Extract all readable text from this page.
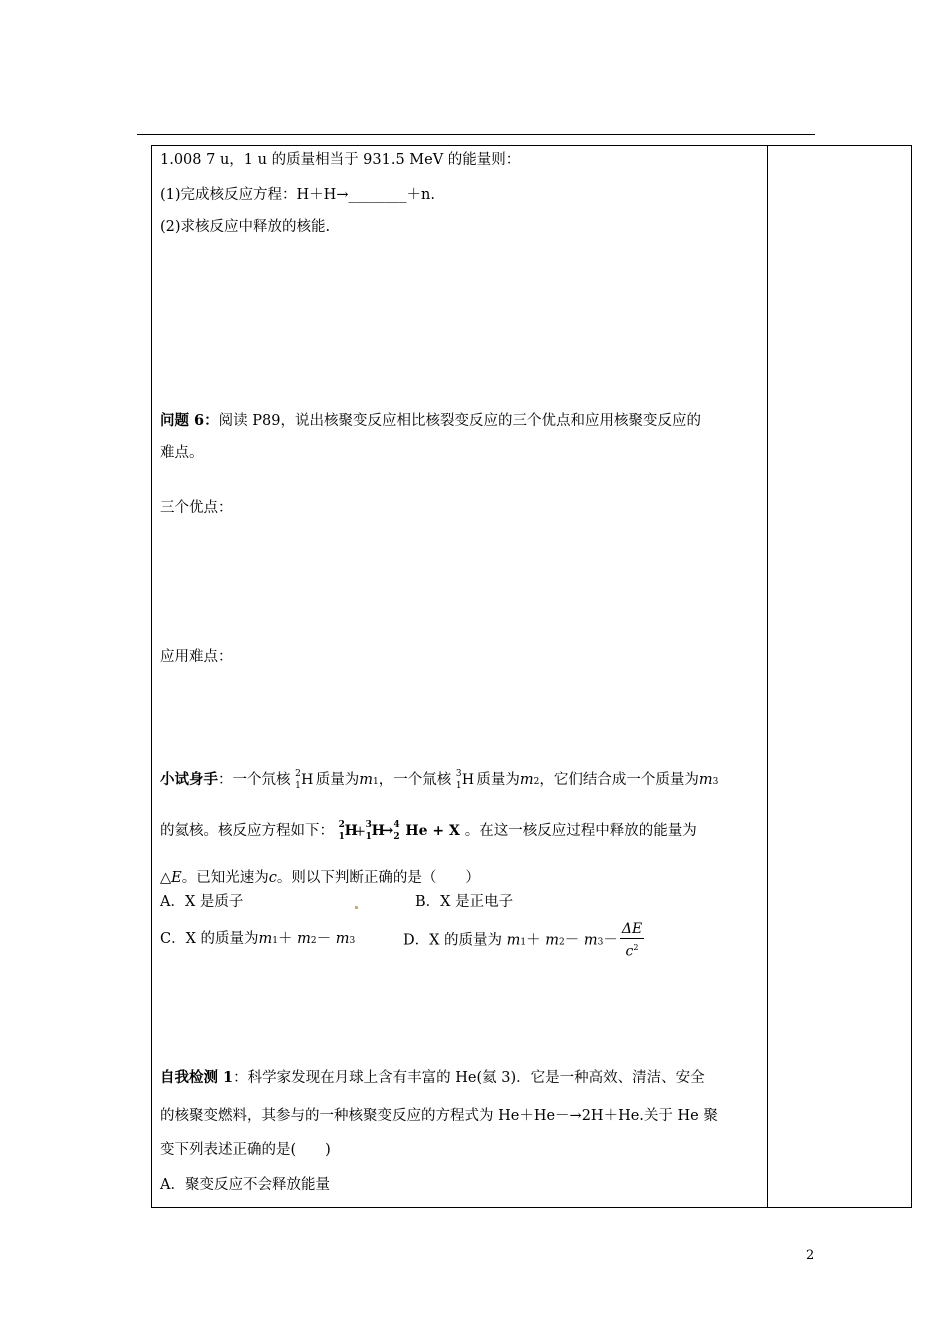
1.008 7 u，1 u 的质量相当于 931.5 MeV 的能量则：
(1)完成核反应方程：H＋H→________＋n.
(2)求核反应中释放的核能.
问题 6：阅读 P89，说出核聚变反应相比核裂变反应的三个优点和应用核聚变反应的
难点。
三个优点：
应用难点：
小试身手：一个氘核 2
1 H 质量为m1，一个氚核 3
1 H 质量为m2，它们结合成一个质量为m3
的氦核。核反应方程如下： 2
1 H
＋ 3
1 H
→ 4
2 He + X 。在这一核反应过程中释放的能量为
△E。已知光速为c。则以下判断正确的是（　　）
A．X 是质子	B．X 是正电子
C．X 的质量为m1＋ m2－ m3	D．X 的质量为 $m1+ m2- m3- \frac{\Delta E}{c^2}$
自我检测 1：科学家发现在月球上含有丰富的 He(氦 3)．它是一种高效、清洁、安全
的核聚变燃料，其参与的一种核聚变反应的方程式为 He＋He－→2H＋He.关于 He 聚
变下列表述正确的是(　　)
A．聚变反应不会释放能量
2
